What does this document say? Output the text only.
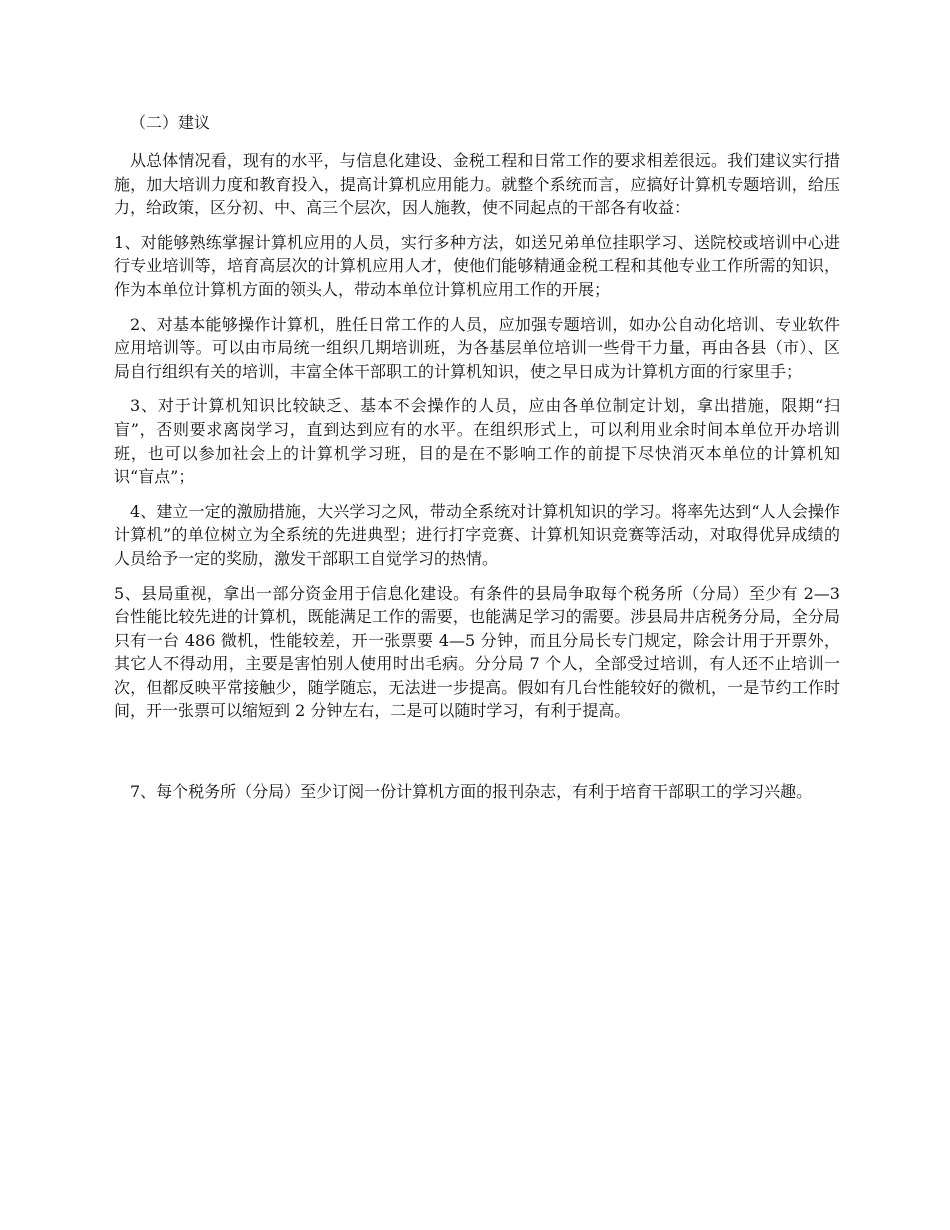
（二）建议

从总体情况看，现有的水平，与信息化建设、金税工程和日常工作的要求相差很远。我们建议实行措施，加大培训力度和教育投入，提高计算机应用能力。就整个系统而言，应搞好计算机专题培训，给压力，给政策，区分初、中、高三个层次，因人施教，使不同起点的干部各有收益：

1、对能够熟练掌握计算机应用的人员，实行多种方法，如送兄弟单位挂职学习、送院校或培训中心进行专业培训等，培育高层次的计算机应用人才，使他们能够精通金税工程和其他专业工作所需的知识，作为本单位计算机方面的领头人，带动本单位计算机应用工作的开展；

2、对基本能够操作计算机，胜任日常工作的人员，应加强专题培训，如办公自动化培训、专业软件应用培训等。可以由市局统一组织几期培训班，为各基层单位培训一些骨干力量，再由各县（市）、区局自行组织有关的培训，丰富全体干部职工的计算机知识，使之早日成为计算机方面的行家里手；

3、对于计算机知识比较缺乏、基本不会操作的人员，应由各单位制定计划，拿出措施，限期“扫盲”，否则要求离岗学习，直到达到应有的水平。在组织形式上，可以利用业余时间本单位开办培训班，也可以参加社会上的计算机学习班，目的是在不影响工作的前提下尽快消灭本单位的计算机知识“盲点”；

4、建立一定的激励措施，大兴学习之风，带动全系统对计算机知识的学习。将率先达到“人人会操作计算机”的单位树立为全系统的先进典型；进行打字竞赛、计算机知识竞赛等活动，对取得优异成绩的人员给予一定的奖励，激发干部职工自觉学习的热情。

5、县局重视，拿出一部分资金用于信息化建设。有条件的县局争取每个税务所（分局）至少有 2—3 台性能比较先进的计算机，既能满足工作的需要，也能满足学习的需要。涉县局井店税务分局，全分局只有一台 486 微机，性能较差，开一张票要 4—5 分钟，而且分局长专门规定，除会计用于开票外，其它人不得动用，主要是害怕别人使用时出毛病。分分局 7 个人，全部受过培训，有人还不止培训一次，但都反映平常接触少，随学随忘，无法进一步提高。假如有几台性能较好的微机，一是节约工作时间，开一张票可以缩短到 2 分钟左右，二是可以随时学习，有利于提高。

7、每个税务所（分局）至少订阅一份计算机方面的报刊杂志，有利于培育干部职工的学习兴趣。
